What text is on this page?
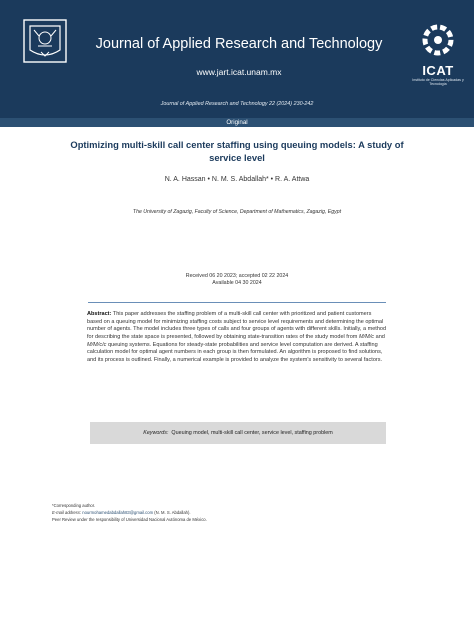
Journal of Applied Research and Technology
www.jart.icat.unam.mx
Journal of Applied Research and Technology 22 (2024) 230-242
ICAT
Instituto de Ciencias Aplicadas y Tecnología
Original
Optimizing multi-skill call center staffing using queuing models: A study of service level
N. A. Hassan • N. M. S. Abdallah* • R. A. Attwa
The University of Zagazig, Faculty of Science, Department of Mathematics, Zagazig, Egypt
Received 06 20 2023; accepted 02 22 2024
Available 04 30 2024
Abstract: This paper addresses the staffing problem of a multi-skill call center with prioritized and patient customers based on a queuing model for minimizing staffing costs subject to service level requirements and determining the optimal number of agents. The model includes three types of calls and four groups of agents with different skills. Initially, a method for describing the state space is presented, followed by obtaining state-transition rates of the study model from M/M/c and M/M/c/c queuing systems. Equations for steady-state probabilities and service level computation are derived. A staffing calculation model for optimal agent numbers in each group is then formulated. An algorithm is proposed to find solutions, and its process is outlined. Finally, a numerical example is provided to analyze the system's sensitivity to several factors.
Keywords: Queuing model, multi-skill call center, service level, staffing problem
*Corresponding author.
E-mail address: nourmohamedabdallah83@gmail.com (N. M. S. Abdallah).
Peer Review under the responsibility of Universidad Nacional Autónoma de México.
